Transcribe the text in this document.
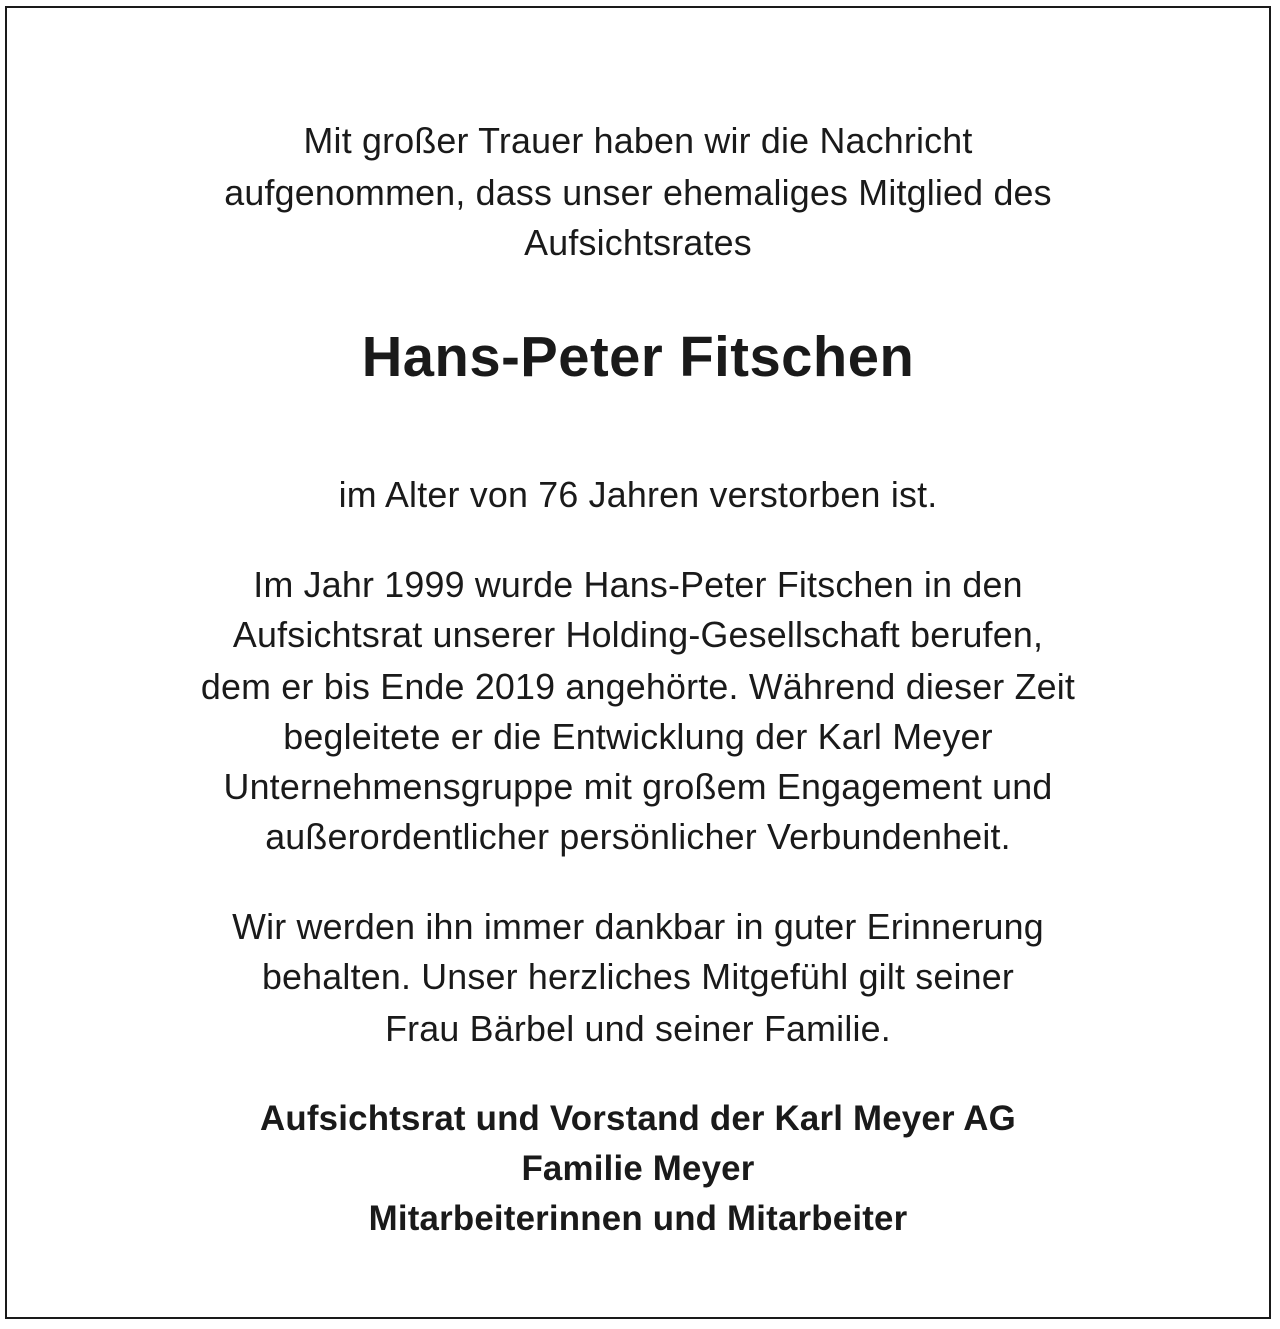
Mit großer Trauer haben wir die Nachricht
aufgenommen, dass unser ehemaliges Mitglied des
Aufsichtsrates
Hans-Peter Fitschen
im Alter von 76 Jahren verstorben ist.
Im Jahr 1999 wurde Hans-Peter Fitschen in den
Aufsichtsrat unserer Holding-Gesellschaft berufen,
dem er bis Ende 2019 angehörte. Während dieser Zeit
begleitete er die Entwicklung der Karl Meyer
Unternehmensgruppe mit großem Engagement und
außerordentlicher persönlicher Verbundenheit.
Wir werden ihn immer dankbar in guter Erinnerung
behalten. Unser herzliches Mitgefühl gilt seiner
Frau Bärbel und seiner Familie.
Aufsichtsrat und Vorstand der Karl Meyer AG
Familie Meyer
Mitarbeiterinnen und Mitarbeiter
